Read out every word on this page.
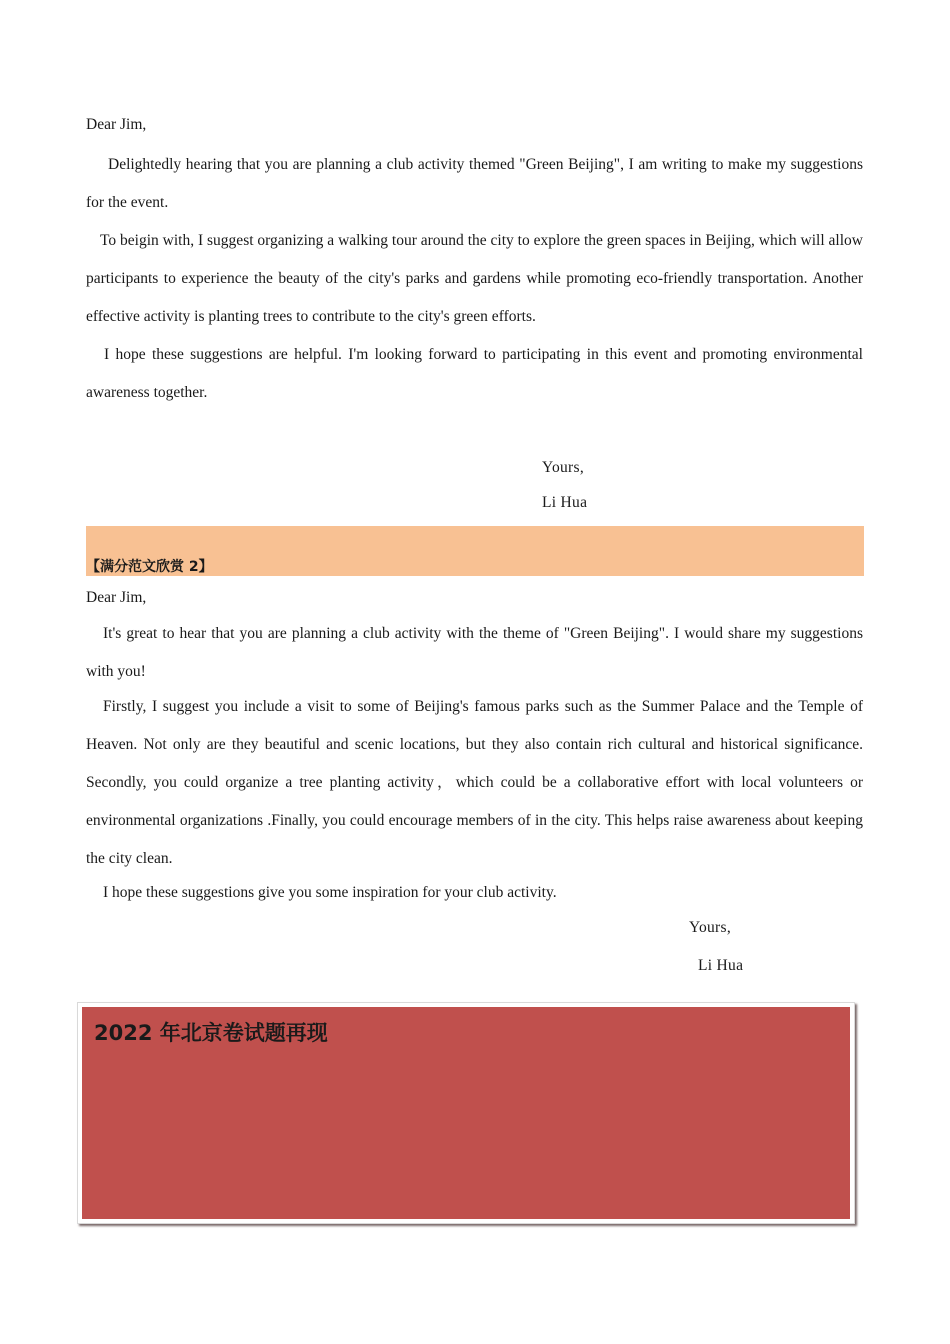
Dear Jim,

Delightedly hearing that you are planning a club activity themed "Green Beijing", I am writing to make my suggestions for the event.

To beigin with, I suggest organizing a walking tour around the city to explore the green spaces in Beijing, which will allow participants to experience the beauty of the city's parks and gardens while promoting eco-friendly transportation. Another effective activity is planting trees to contribute to the city's green efforts.

I hope these suggestions are helpful. I'm looking forward to participating in this event and promoting environmental awareness together.

Yours,

Li Hua

【满分范文欣赏 2】

Dear Jim,

It's great to hear that you are planning a club activity with the theme of "Green Beijing". I would share my suggestions with you!

Firstly, I suggest you include a visit to some of Beijing's famous parks such as the Summer Palace and the Temple of Heaven. Not only are they beautiful and scenic locations, but they also contain rich cultural and historical significance. Secondly, you could organize a tree planting activity，which could be a collaborative effort with local volunteers or environmental organizations .Finally, you could encourage members of in the city. This helps raise awareness about keeping the city clean.

I hope these suggestions give you some inspiration for your club activity.

Yours,

Li Hua

2022 年北京卷试题再现
